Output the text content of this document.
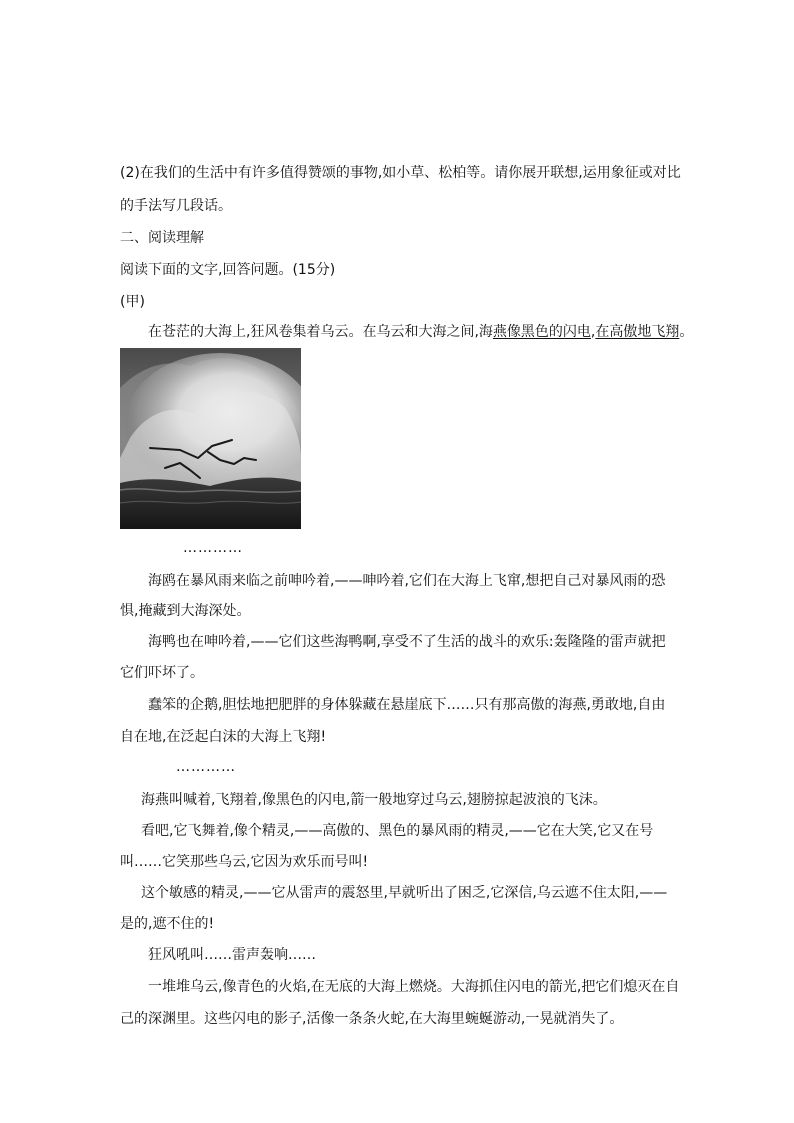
(2)在我们的生活中有许多值得赞颂的事物,如小草、松柏等。请你展开联想,运用象征或对比
的手法写几段话。
二、阅读理解
阅读下面的文字,回答问题。(15分)
(甲)
在苍茫的大海上,狂风卷集着乌云。在乌云和大海之间,海燕像黑色的闪电,在高傲地飞翔。
…………
海鸥在暴风雨来临之前呻吟着,——呻吟着,它们在大海上飞窜,想把自己对暴风雨的恐
惧,掩藏到大海深处。
海鸭也在呻吟着,——它们这些海鸭啊,享受不了生活的战斗的欢乐:轰隆隆的雷声就把
它们吓坏了。
蠢笨的企鹅,胆怯地把肥胖的身体躲藏在悬崖底下……只有那高傲的海燕,勇敢地,自由
自在地,在泛起白沫的大海上飞翔!
…………
海燕叫喊着,飞翔着,像黑色的闪电,箭一般地穿过乌云,翅膀掠起波浪的飞沫。
看吧,它飞舞着,像个精灵,——高傲的、黑色的暴风雨的精灵,——它在大笑,它又在号
叫……它笑那些乌云,它因为欢乐而号叫!
这个敏感的精灵,——它从雷声的震怒里,早就听出了困乏,它深信,乌云遮不住太阳,——
是的,遮不住的!
狂风吼叫……雷声轰响……
一堆堆乌云,像青色的火焰,在无底的大海上燃烧。大海抓住闪电的箭光,把它们熄灭在自
己的深渊里。这些闪电的影子,活像一条条火蛇,在大海里蜿蜒游动,一晃就消失了。
